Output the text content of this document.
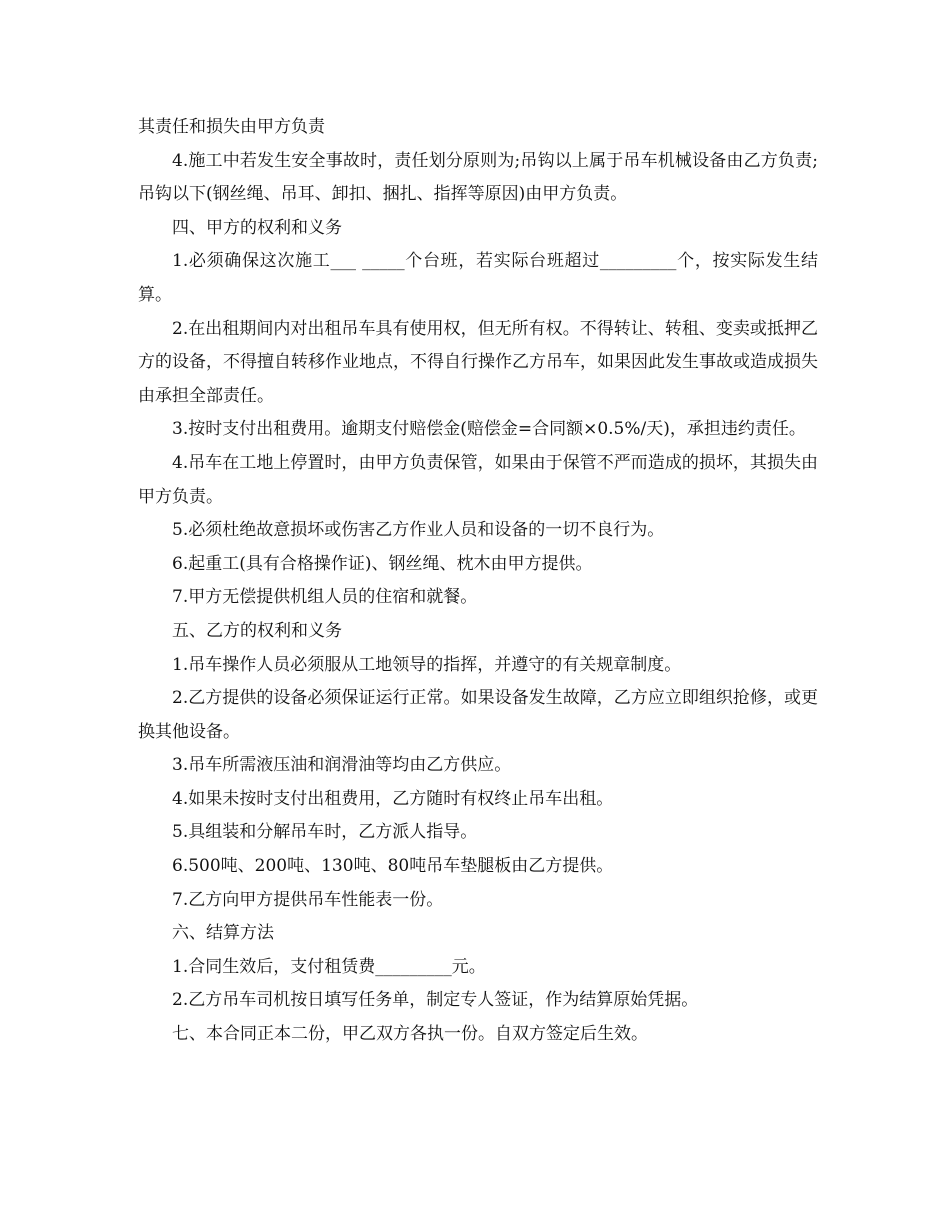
其责任和损失由甲方负责

4.施工中若发生安全事故时，责任划分原则为;吊钩以上属于吊车机械设备由乙方负责;吊钩以下(钢丝绳、吊耳、卸扣、捆扎、指挥等原因)由甲方负责。

四、甲方的权利和义务

1.必须确保这次施工___ _____个台班，若实际台班超过_________个，按实际发生结算。

2.在出租期间内对出租吊车具有使用权，但无所有权。不得转让、转租、变卖或抵押乙方的设备，不得擅自转移作业地点，不得自行操作乙方吊车，如果因此发生事故或造成损失由承担全部责任。

3.按时支付出租费用。逾期支付赔偿金(赔偿金=合同额×0.5%/天)，承担违约责任。

4.吊车在工地上停置时，由甲方负责保管，如果由于保管不严而造成的损坏，其损失由甲方负责。

5.必须杜绝故意损坏或伤害乙方作业人员和设备的一切不良行为。

6.起重工(具有合格操作证)、钢丝绳、枕木由甲方提供。

7.甲方无偿提供机组人员的住宿和就餐。

五、乙方的权利和义务

1.吊车操作人员必须服从工地领导的指挥，并遵守的有关规章制度。

2.乙方提供的设备必须保证运行正常。如果设备发生故障，乙方应立即组织抢修，或更换其他设备。

3.吊车所需液压油和润滑油等均由乙方供应。

4.如果未按时支付出租费用，乙方随时有权终止吊车出租。

5.具组装和分解吊车时，乙方派人指导。

6.500吨、200吨、130吨、80吨吊车垫腿板由乙方提供。

7.乙方向甲方提供吊车性能表一份。

六、结算方法

1.合同生效后，支付租赁费_________元。

2.乙方吊车司机按日填写任务单，制定专人签证，作为结算原始凭据。

七、本合同正本二份，甲乙双方各执一份。自双方签定后生效。
